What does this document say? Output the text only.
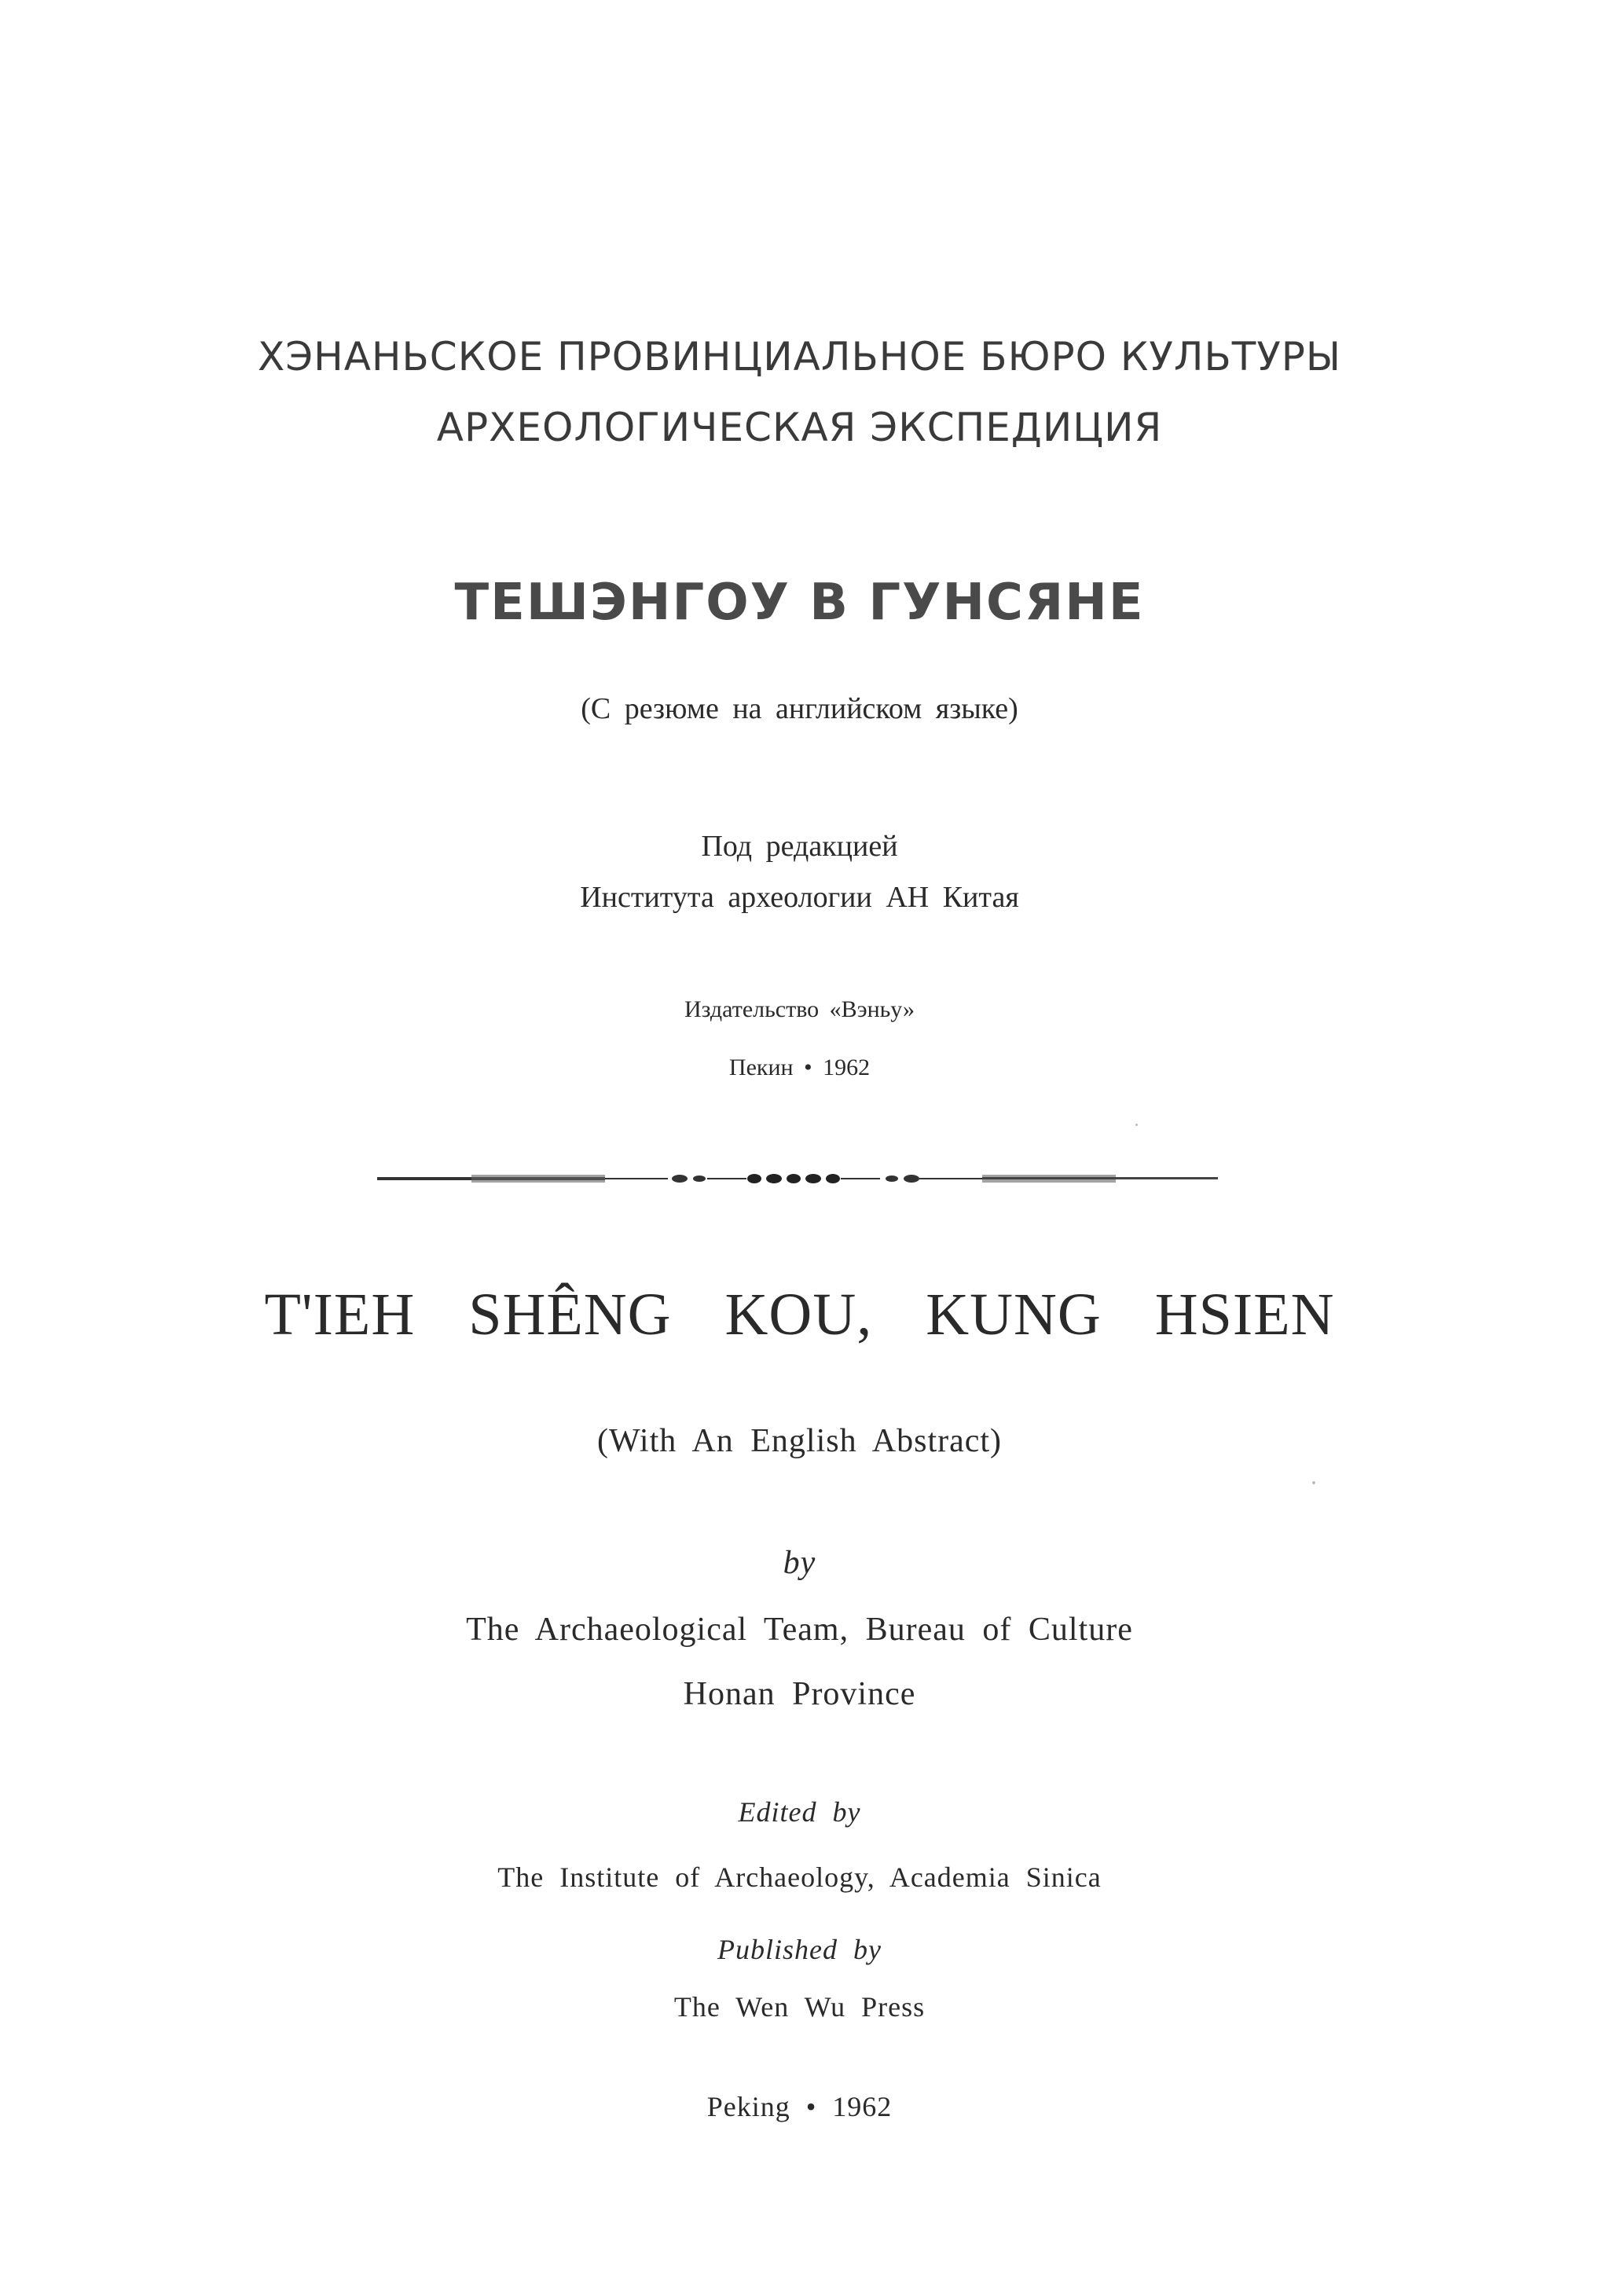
ХЭНАНЬСКОЕ ПРОВИНЦИАЛЬНОЕ БЮРО КУЛЬТУРЫ
АРХЕОЛОГИЧЕСКАЯ ЭКСПЕДИЦИЯ
ТЕШЭНГОУ В ГУНСЯНЕ
(С резюме на английском языке)
Под редакцией
Института археологии АН Китая
Издательство «Вэньу»
Пекин • 1962
T'IEH SHÊNG KOU, KUNG HSIEN
(With An English Abstract)
by
The Archaeological Team, Bureau of Culture
Honan Province
Edited by
The Institute of Archaeology, Academia Sinica
Published by
The Wen Wu Press
Peking • 1962
